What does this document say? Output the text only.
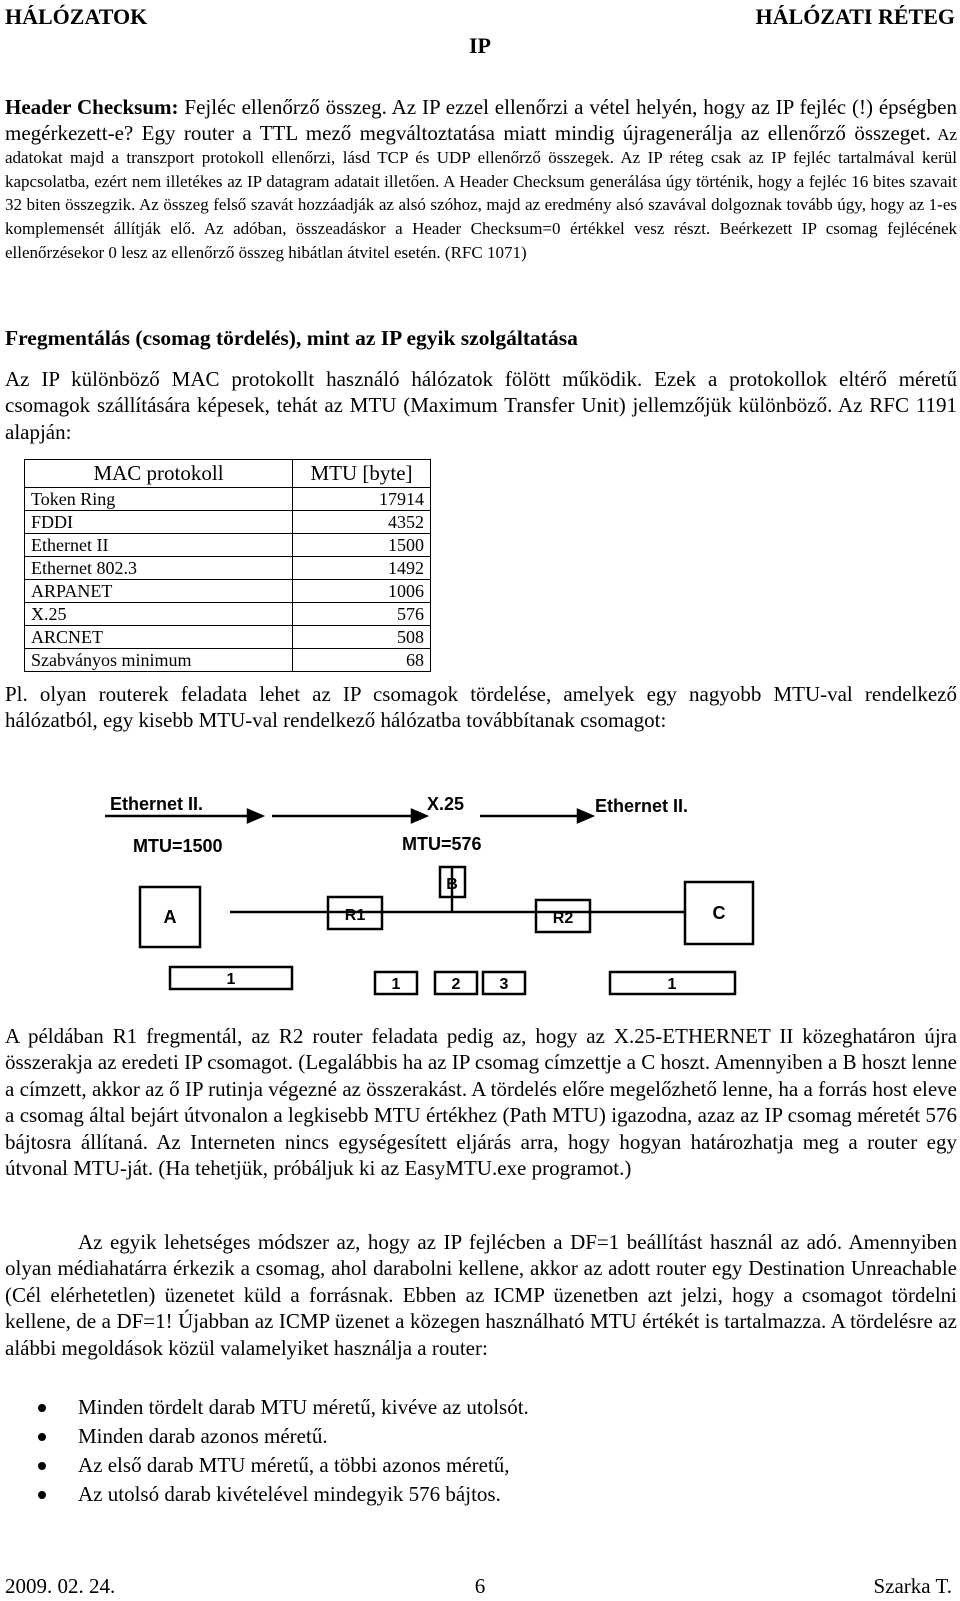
HÁLÓZATOK	HÁLÓZATI RÉTEG
IP
Header Checksum: Fejléc ellenőrző összeg. Az IP ezzel ellenőrzi a vétel helyén, hogy az IP fejléc (!) épségben megérkezett-e? Egy router a TTL mező megváltoztatása miatt mindig újragenerálja az ellenőrző összeget. Az adatokat majd a transzport protokoll ellenőrzi, lásd TCP és UDP ellenőrző összegek. Az IP réteg csak az IP fejléc tartalmával kerül kapcsolatba, ezért nem illetékes az IP datagram adatait illetően. A Header Checksum generálása úgy történik, hogy a fejléc 16 bites szavait 32 biten összegzik. Az összeg felső szavát hozzáadják az alsó szóhoz, majd az eredmény alsó szavával dolgoznak tovább úgy, hogy az 1-es komplemensét állítják elő. Az adóban, összeadáskor a Header Checksum=0 értékkel vesz részt. Beérkezett IP csomag fejlécének ellenőrzésekor 0 lesz az ellenőrző összeg hibátlan átvitel esetén. (RFC 1071)
Fregmentálás (csomag tördelés), mint az IP egyik szolgáltatása
Az IP különböző MAC protokollt használó hálózatok fölött működik. Ezek a protokollok eltérő méretű csomagok szállítására képesek, tehát az MTU (Maximum Transfer Unit) jellemzőjük különböző. Az RFC 1191 alapján:
MAC protokoll	MTU [byte]
Token Ring	17914
FDDI	4352
Ethernet II	1500
Ethernet 802.3	1492
ARPANET	1006
X.25	576
ARCNET	508
Szabványos minimum	68
Pl. olyan routerek feladata lehet az IP csomagok tördelése, amelyek egy nagyobb MTU-val rendelkező hálózatból, egy kisebb MTU-val rendelkező hálózatba továbbítanak csomagot:
Ethernet II.	X.25	Ethernet II.
MTU=1500	MTU=576
A
B
R1	R2	C
1	1	2 3	1
A példában R1 fregmentál, az R2 router feladata pedig az, hogy az X.25-ETHERNET II közeghatáron újra összerakja az eredeti IP csomagot. (Legalábbis ha az IP csomag címzettje a C hoszt. Amennyiben a B hoszt lenne a címzett, akkor az ő IP rutinja végezné az összerakást. A tördelés előre megelőzhető lenne, ha a forrás host eleve a csomag által bejárt útvonalon a legkisebb MTU értékhez (Path MTU) igazodna, azaz az IP csomag méretét 576 bájtosra állítaná. Az Interneten nincs egységesített eljárás arra, hogy hogyan határozhatja meg a router egy útvonal MTU-ját. (Ha tehetjük, próbáljuk ki az EasyMTU.exe programot.)
Az egyik lehetséges módszer az, hogy az IP fejlécben a DF=1 beállítást használ az adó. Amennyiben olyan médiahatárra érkezik a csomag, ahol darabolni kellene, akkor az adott router egy Destination Unreachable (Cél elérhetetlen) üzenetet küld a forrásnak. Ebben az ICMP üzenetben azt jelzi, hogy a csomagot tördelni kellene, de a DF=1! Újabban az ICMP üzenet a közegen használható MTU értékét is tartalmazza. A tördelésre az alábbi megoldások közül valamelyiket használja a router:
Minden tördelt darab MTU méretű, kivéve az utolsót.
Minden darab azonos méretű.
Az első darab MTU méretű, a többi azonos méretű,
Az utolsó darab kivételével mindegyik 576 bájtos.
2009. 02. 24.	6	Szarka T.
